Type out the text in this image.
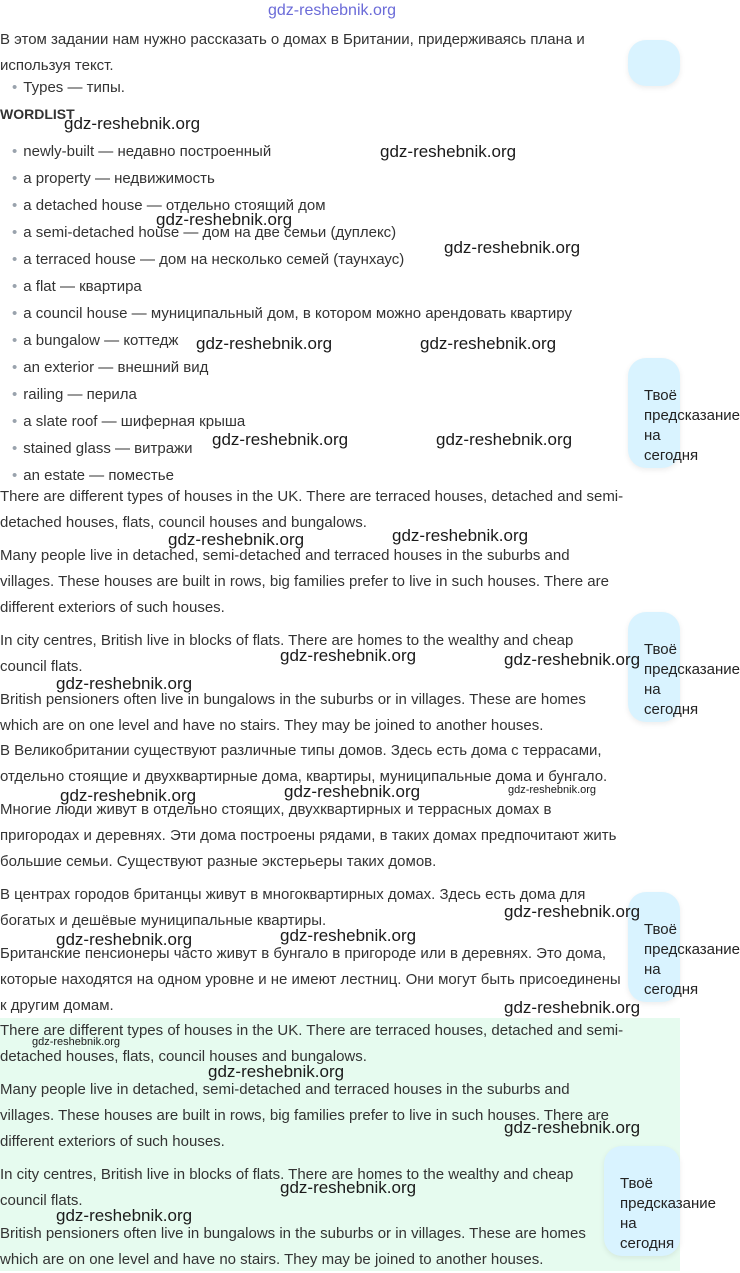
gdz-reshebnik.org
В этом задании нам нужно рассказать о домах в Британии, придерживаясь плана и
используя текст.
• Types — типы.
WORDLIST
• newly-built — недавно построенный
• a property — недвижимость
• a detached house — отдельно стоящий дом
• a semi-detached house — дом на две семьи (дуплекс)
• a terraced house — дом на несколько семей (таунхаус)
• a flat — квартира
• a council house — муниципальный дом, в котором можно арендовать квартиру
• a bungalow — коттедж
• an exterior — внешний вид
• railing — перила
• a slate roof — шиферная крыша
• stained glass — витражи
• an estate — поместье
There are different types of houses in the UK. There are terraced houses, detached and semi-
detached houses, flats, council houses and bungalows.
Many people live in detached, semi-detached and terraced houses in the suburbs and
villages. These houses are built in rows, big families prefer to live in such houses. There are
different exteriors of such houses.
In city centres, British live in blocks of flats. There are homes to the wealthy and cheap
council flats.
British pensioners often live in bungalows in the suburbs or in villages. These are homes
which are on one level and have no stairs. They may be joined to another houses.
В Великобритании существуют различные типы домов. Здесь есть дома с террасами,
отдельно стоящие и двухквартирные дома, квартиры, муниципальные дома и бунгало.
Многие люди живут в отдельно стоящих, двухквартирных и террасных домах в
пригородах и деревнях. Эти дома построены рядами, в таких домах предпочитают жить
большие семьи. Существуют разные экстерьеры таких домов.
В центрах городов британцы живут в многоквартирных домах. Здесь есть дома для
богатых и дешёвые муниципальные квартиры.
Британские пенсионеры часто живут в бунгало в пригороде или в деревнях. Это дома,
которые находятся на одном уровне и не имеют лестниц. Они могут быть присоединены
к другим домам.
There are different types of houses in the UK. There are terraced houses, detached and semi-
detached houses, flats, council houses and bungalows.
Many people live in detached, semi-detached and terraced houses in the suburbs and
villages. These houses are built in rows, big families prefer to live in such houses. There are
different exteriors of such houses.
In city centres, British live in blocks of flats. There are homes to the wealthy and cheap
council flats.
British pensioners often live in bungalows in the suburbs or in villages. These are homes
which are on one level and have no stairs. They may be joined to another houses.
Твоё
предсказание
на сегодня
Твоё
предсказание
на сегодня
Твоё
предсказание
на сегодня
Твоё
предсказание
на сегодня
gdz-reshebnik.org
gdz-reshebnik.org
gdz-reshebnik.org
gdz-reshebnik.org
gdz-reshebnik.org	gdz-reshebnik.org
gdz-reshebnik.org	gdz-reshebnik.org
gdz-reshebnik.org	gdz-reshebnik.org
gdz-reshebnik.org	gdz-reshebnik.org
gdz-reshebnik.org
gdz-reshebnik.org	gdz-reshebnik.org	gdz-reshebnik.org
gdz-reshebnik.org
gdz-reshebnik.org	gdz-reshebnik.org
gdz-reshebnik.org
gdz-reshebnik.org
gdz-reshebnik.org
gdz-reshebnik.org
gdz-reshebnik.org
gdz-reshebnik.org
